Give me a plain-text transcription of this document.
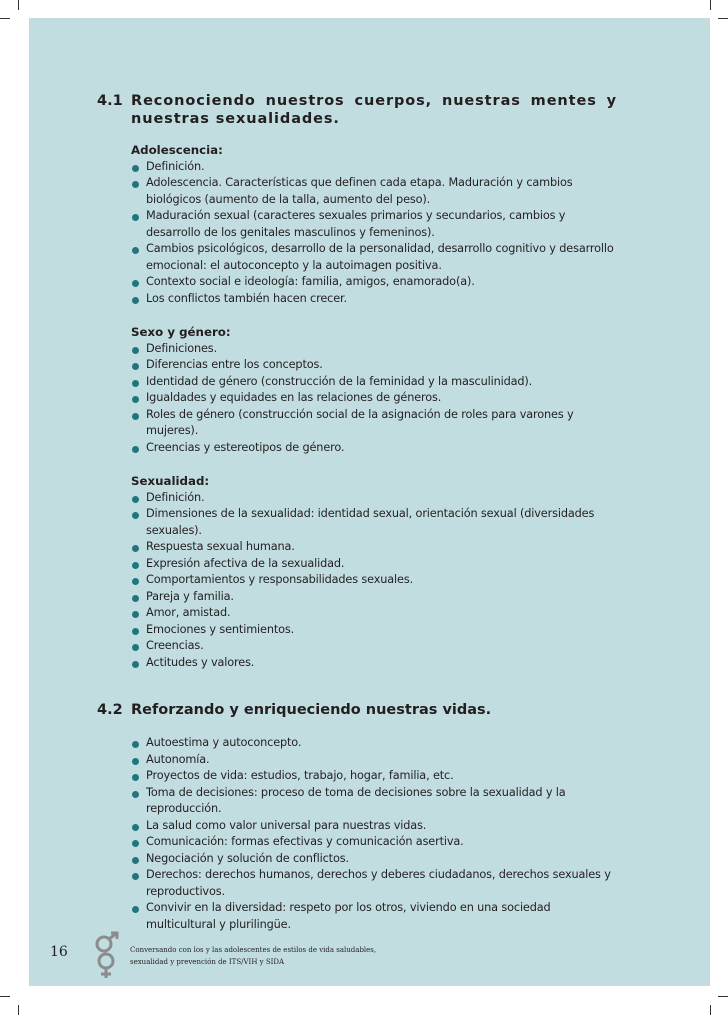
4.1 Reconociendo nuestros cuerpos, nuestras mentes y nuestras sexualidades.
Adolescencia:
Definición.
Adolescencia. Características que definen cada etapa. Maduración y cambios biológicos (aumento de la talla, aumento del peso).
Maduración sexual (caracteres sexuales primarios y secundarios, cambios y desarrollo de los genitales masculinos y femeninos).
Cambios psicológicos, desarrollo de la personalidad, desarrollo cognitivo y desarrollo emocional: el autoconcepto y la autoimagen positiva.
Contexto social e ideología: familia, amigos, enamorado(a).
Los conflictos también hacen crecer.
Sexo y género:
Definiciones.
Diferencias entre los conceptos.
Identidad de género (construcción de la feminidad y la masculinidad).
Igualdades y equidades en las relaciones de géneros.
Roles de género (construcción social de la asignación de roles para varones y mujeres).
Creencias y estereotipos de género.
Sexualidad:
Definición.
Dimensiones de la sexualidad: identidad sexual, orientación sexual (diversidades sexuales).
Respuesta sexual humana.
Expresión afectiva de la sexualidad.
Comportamientos y responsabilidades sexuales.
Pareja y familia.
Amor, amistad.
Emociones y sentimientos.
Creencias.
Actitudes y valores.
4.2 Reforzando y enriqueciendo nuestras vidas.
Autoestima y autoconcepto.
Autonomía.
Proyectos de vida: estudios, trabajo, hogar, familia, etc.
Toma de decisiones: proceso de toma de decisiones sobre la sexualidad y la reproducción.
La salud como valor universal para nuestras vidas.
Comunicación: formas efectivas y comunicación asertiva.
Negociación y solución de conflictos.
Derechos: derechos humanos, derechos y deberes ciudadanos, derechos sexuales y reproductivos.
Convivir en la diversidad: respeto por los otros, viviendo en una sociedad multicultural y plurilingüe.
16	Conversando con los y las adolescentes de estilos de vida saludables,
sexualidad y prevención de ITS/VIH y SIDA
